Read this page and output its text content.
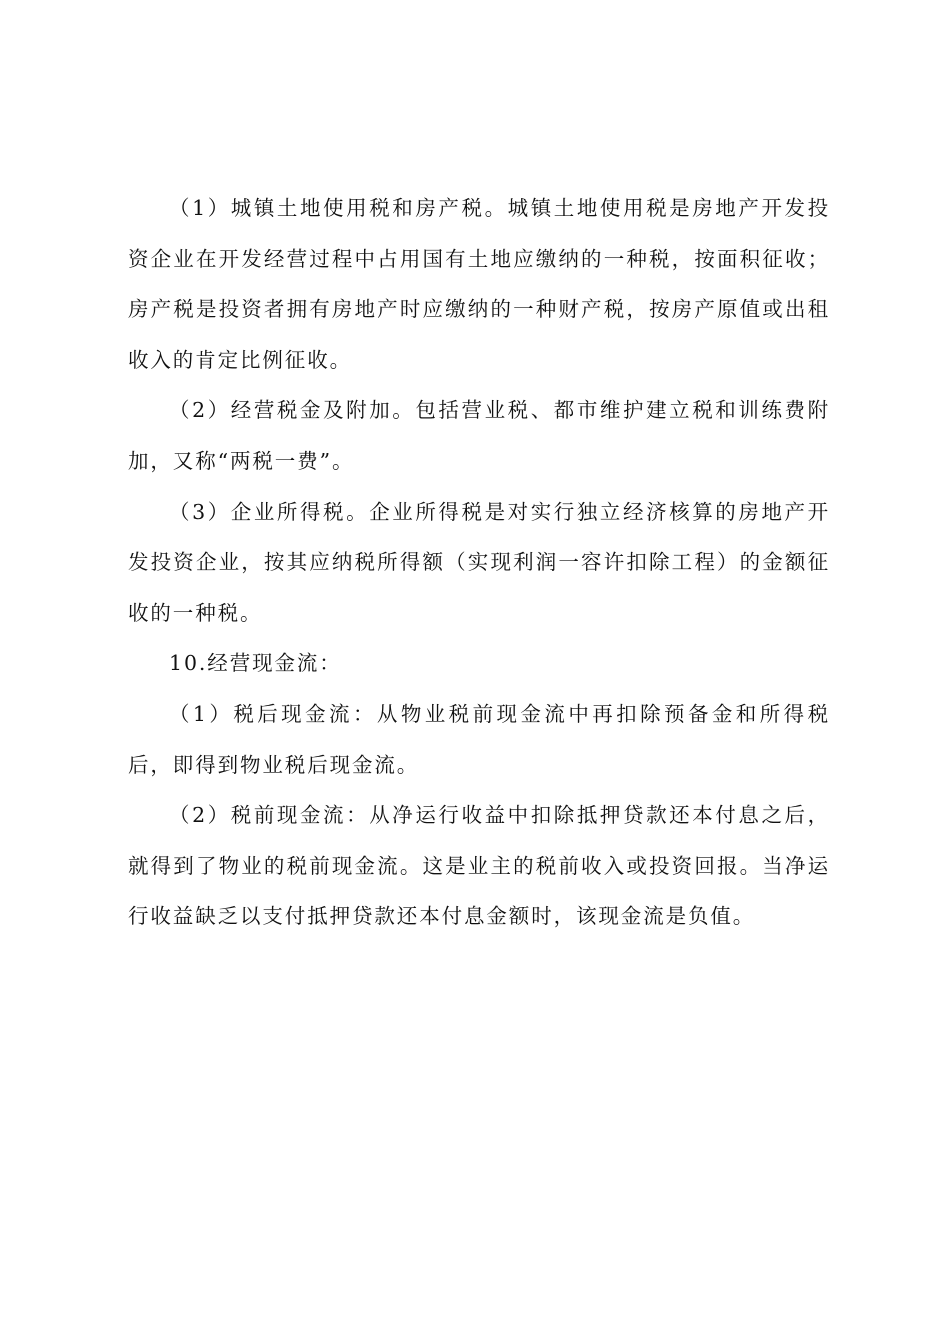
（1）城镇土地使用税和房产税。城镇土地使用税是房地产开发投资企业在开发经营过程中占用国有土地应缴纳的一种税，按面积征收；房产税是投资者拥有房地产时应缴纳的一种财产税，按房产原值或出租收入的肯定比例征收。

（2）经营税金及附加。包括营业税、都市维护建立税和训练费附加，又称“两税一费”。

（3）企业所得税。企业所得税是对实行独立经济核算的房地产开发投资企业，按其应纳税所得额（实现利润一容许扣除工程）的金额征收的一种税。

10.经营现金流：

（1）税后现金流：从物业税前现金流中再扣除预备金和所得税后，即得到物业税后现金流。

（2）税前现金流：从净运行收益中扣除抵押贷款还本付息之后，就得到了物业的税前现金流。这是业主的税前收入或投资回报。当净运行收益缺乏以支付抵押贷款还本付息金额时，该现金流是负值。
